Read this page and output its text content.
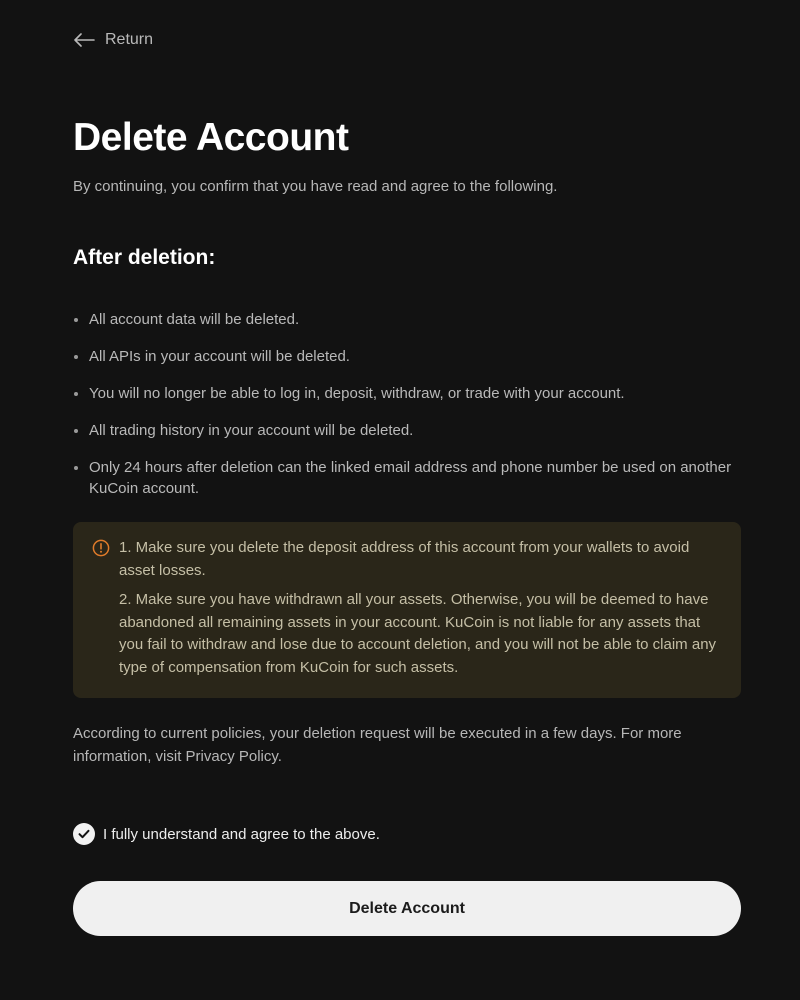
Return
Delete Account
By continuing, you confirm that you have read and agree to the following.
After deletion:
All account data will be deleted.
All APIs in your account will be deleted.
You will no longer be able to log in, deposit, withdraw, or trade with your account.
All trading history in your account will be deleted.
Only 24 hours after deletion can the linked email address and phone number be used on another KuCoin account.

1. Make sure you delete the deposit address of this account from your wallets to avoid asset losses.

2. Make sure you have withdrawn all your assets. Otherwise, you will be deemed to have abandoned all remaining assets in your account. KuCoin is not liable for any assets that you fail to withdraw and lose due to account deletion, and you will not be able to claim any type of compensation from KuCoin for such assets.

According to current policies, your deletion request will be executed in a few days. For more information, visit Privacy Policy.

I fully understand and agree to the above.
Delete Account
